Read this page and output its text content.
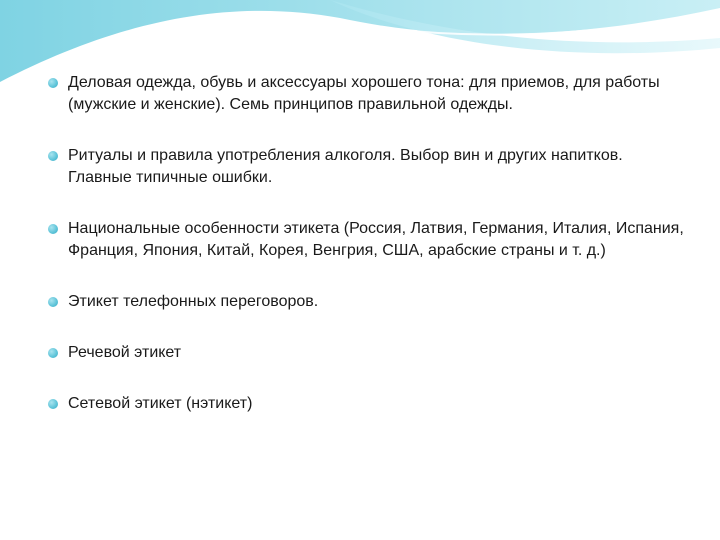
Деловая одежда, обувь и аксессуары хорошего тона: для приемов, для работы (мужские и женские). Семь принципов правильной одежды.
Ритуалы и правила употребления алкоголя. Выбор вин и других напитков. Главные типичные ошибки.
Национальные особенности этикета (Россия, Латвия, Германия, Италия, Испания, Франция, Япония, Китай, Корея, Венгрия, США, арабские страны и т. д.)
Этикет телефонных переговоров.
Речевой этикет
Сетевой этикет (нэтикет)
